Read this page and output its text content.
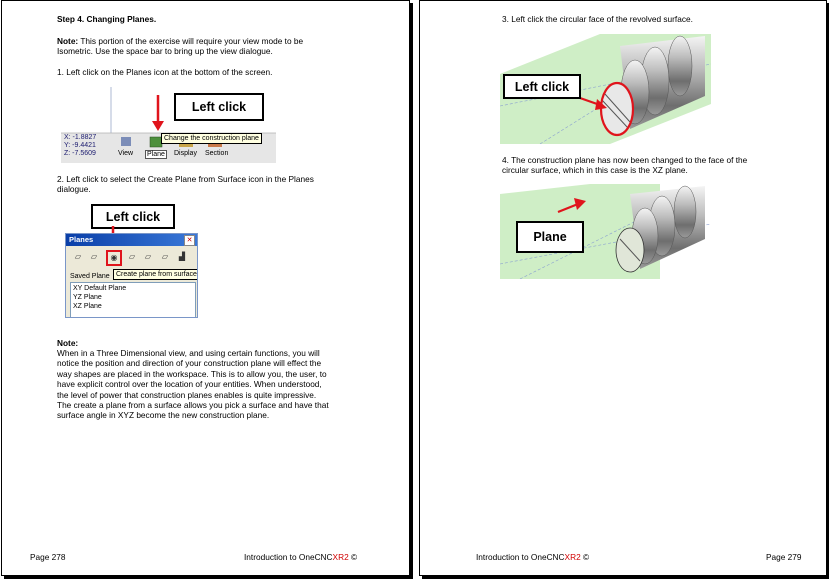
Step 4. Changing Planes.
Note: This portion of the exercise will require your view mode to be
Isometric. Use the space bar to bring up the view dialogue.
1. Left click on the Planes icon at the bottom of the screen.
Left click
X: -1.8827
Y: -9.4421
Z: -7.5609	View Plane Display Section
Change the construction plane
2. Left click to select the Create Plane from Surface icon in the Planes
dialogue.
Left click
Planes	✕
▱	▱	◉	▱	▱	▱	▟
Saved Plane
XY Default Plane
YZ Plane
XZ Plane
Create plane from surface
Note:
When in a Three Dimensional view, and using certain functions, you will
notice the position and direction of your construction plane will effect the
way shapes are placed in the workspace. This is to allow you, the user, to
have explicit control over the location of your entities. When understood,
the level of power that construction planes enables is quite impressive.
The create a plane from a surface allows you pick a surface and have that
surface angle in XYZ become the new construction plane.
Page 278	Introduction to OneCNCXR2 ©
3. Left click the circular face of the revolved surface.
Left click
4. The construction plane has now been changed to the face of the
circular surface, which in this case is the XZ plane.
Plane
Introduction to OneCNCXR2 ©	Page 279
